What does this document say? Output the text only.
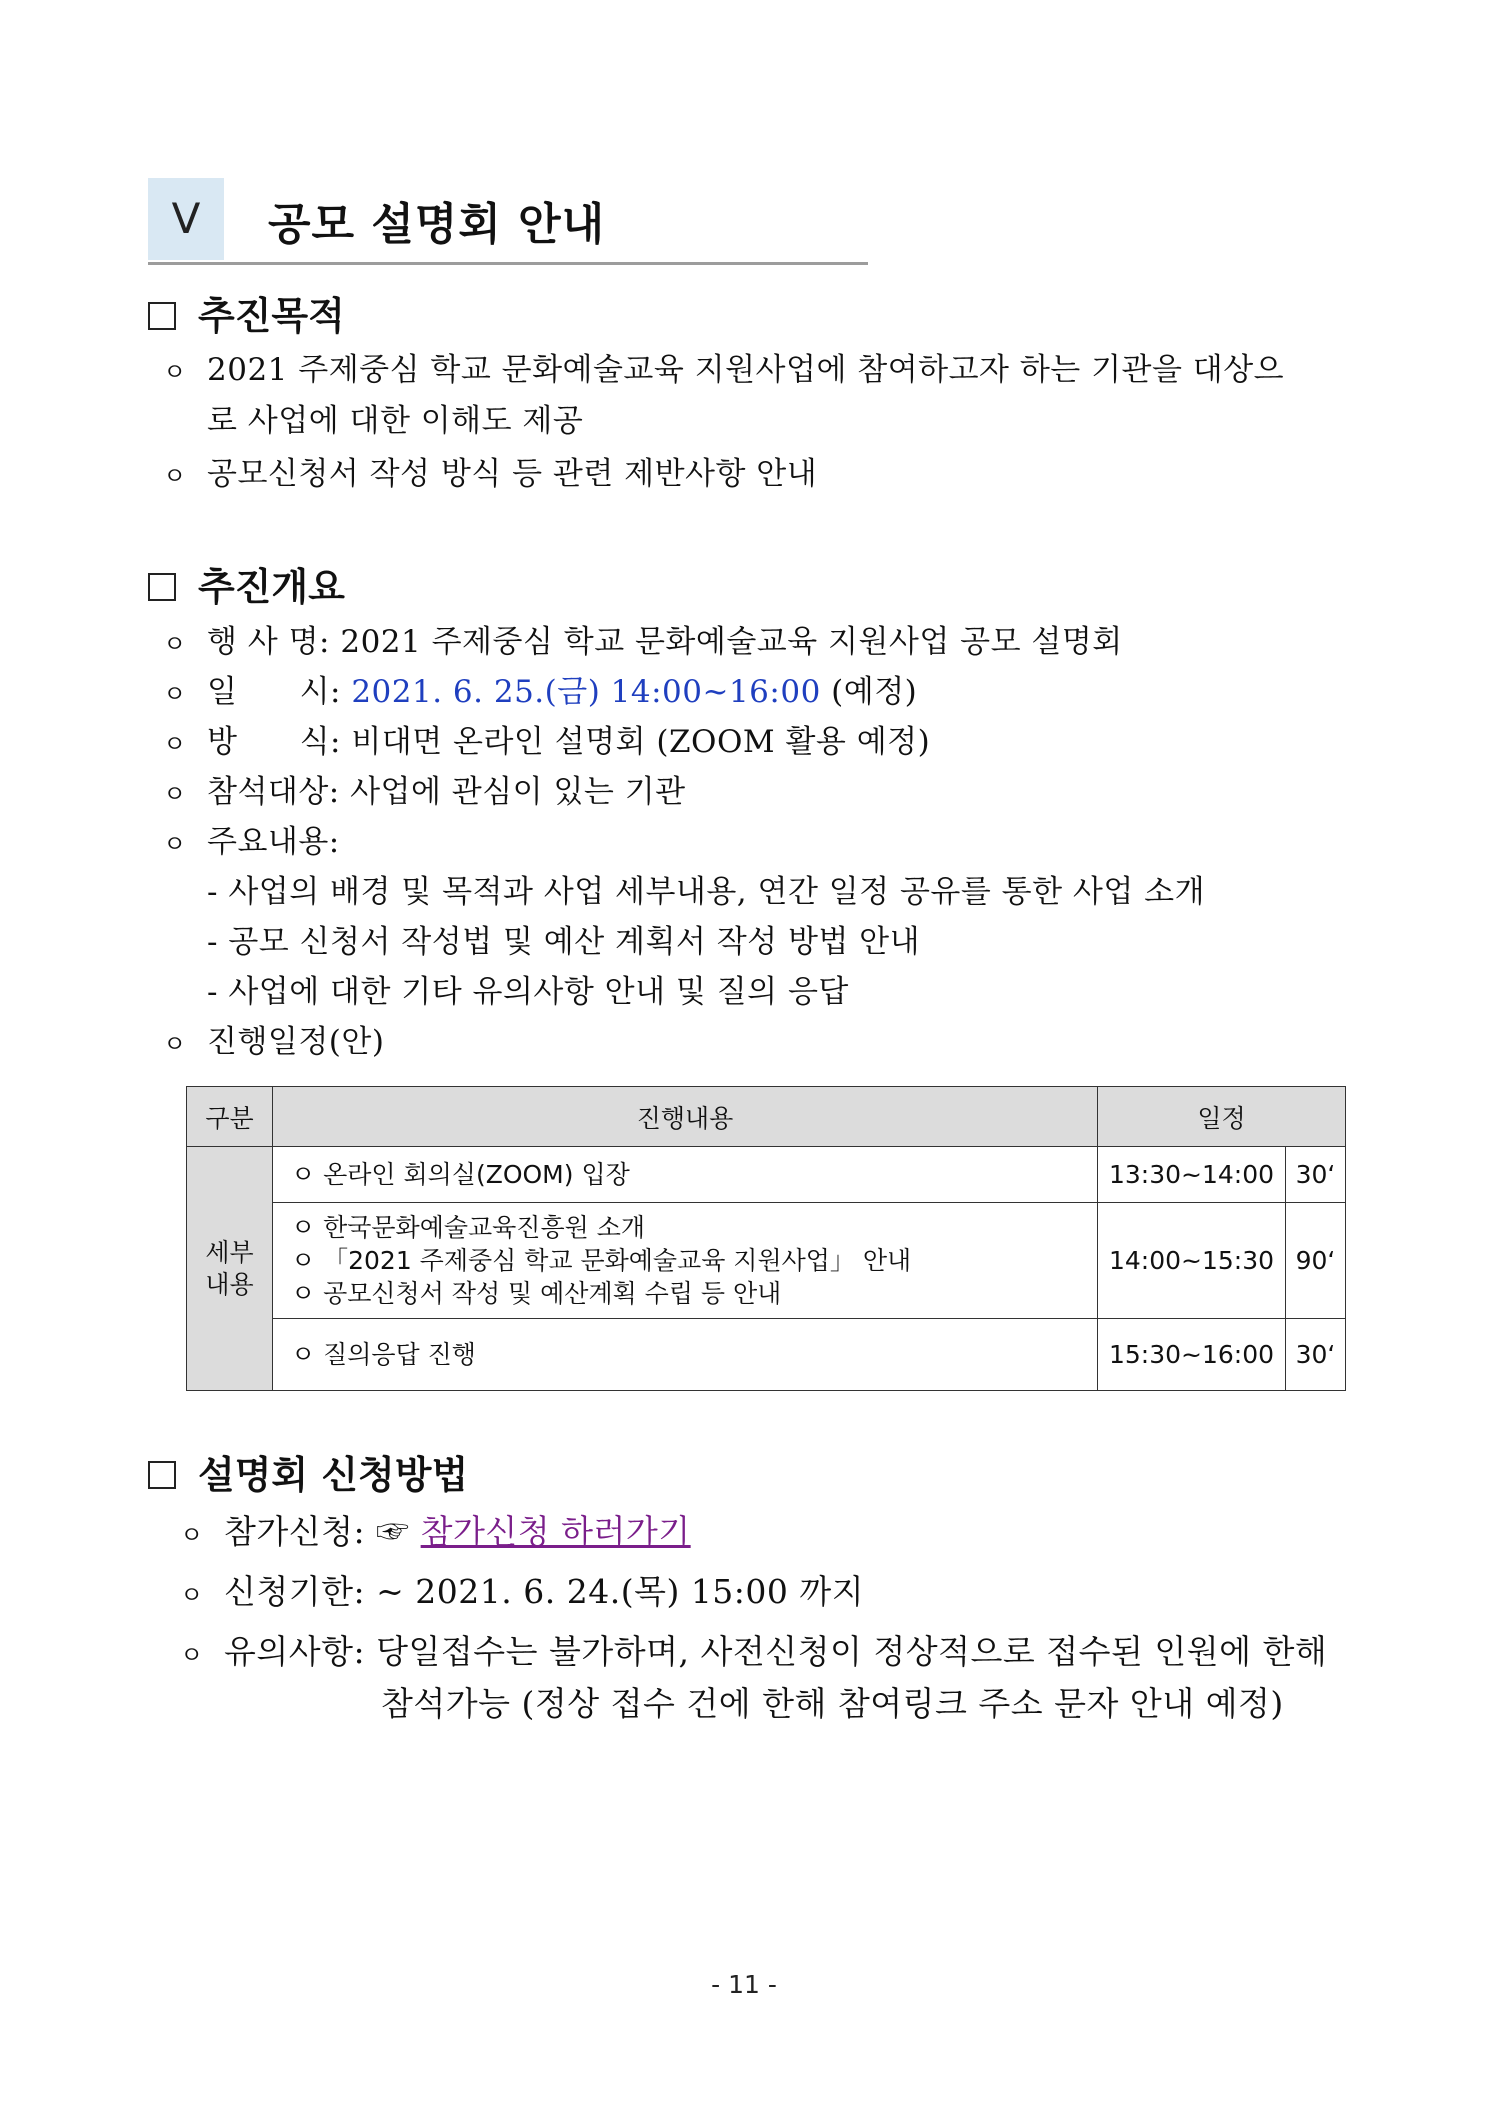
V	공모 설명회 안내
추진목적
ㅇ 2021 주제중심 학교 문화예술교육 지원사업에 참여하고자 하는 기관을 대상으
로 사업에 대한 이해도 제공
ㅇ 공모신청서 작성 방식 등 관련 제반사항 안내
추진개요
ㅇ 행 사 명: 2021 주제중심 학교 문화예술교육 지원사업 공모 설명회
ㅇ 일      시: 2021. 6. 25.(금) 14:00~16:00 (예정)
ㅇ 방      식: 비대면 온라인 설명회 (ZOOM 활용 예정)
ㅇ 참석대상: 사업에 관심이 있는 기관
ㅇ 주요내용:
- 사업의 배경 및 목적과 사업 세부내용, 연간 일정 공유를 통한 사업 소개
- 공모 신청서 작성법 및 예산 계획서 작성 방법 안내
- 사업에 대한 기타 유의사항 안내 및 질의 응답
ㅇ 진행일정(안)
구분	진행내용	일정	

세부
내용	ㅇ 온라인 회의실(ZOOM) 입장	13:30~14:00	30‘

	ㅇ 한국문화예술교육진흥원 소개
ㅇ 「2021 주제중심 학교 문화예술교육 지원사업」 안내
ㅇ 공모신청서 작성 및 예산계획 수립 등 안내	14:00~15:30	90‘

	ㅇ 질의응답 진행	15:30~16:00	30‘
설명회 신청방법
ㅇ 참가신청: ☞ 참가신청 하러가기
ㅇ 신청기한: ~ 2021. 6. 24.(목) 15:00 까지
ㅇ 유의사항: 당일접수는 불가하며, 사전신청이 정상적으로 접수된 인원에 한해
참석가능 (정상 접수 건에 한해 참여링크 주소 문자 안내 예정)
- 11 -
